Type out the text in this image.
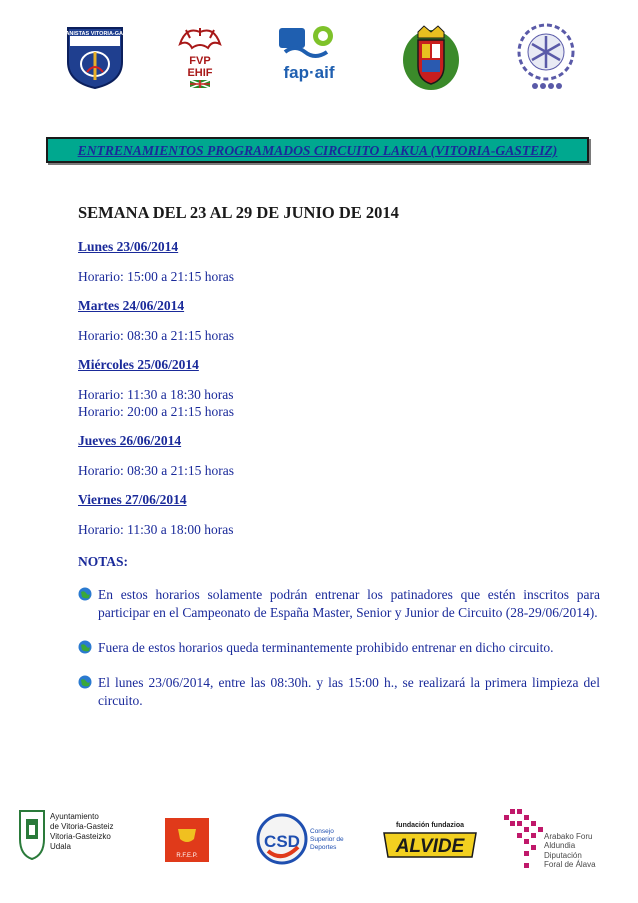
MARIANISTAS VITORIA-GASTEIZ
FVP
EHIF	fap·aif
ENTRENAMIENTOS PROGRAMADOS CIRCUITO LAKUA (VITORIA-GASTEIZ)

SEMANA DEL 23 AL 29 DE JUNIO DE 2014

Lunes 23/06/2014

Horario: 15:00 a 21:15 horas

Martes 24/06/2014

Horario: 08:30 a 21:15 horas

Miércoles 25/06/2014

Horario: 11:30 a 18:30 horas

Horario: 20:00 a 21:15 horas

Jueves 26/06/2014

Horario: 08:30 a 21:15 horas

Viernes 27/06/2014

Horario: 11:30 a 18:00 horas

NOTAS:

En estos horarios solamente podrán entrenar los patinadores que estén inscritos para participar en el Campeonato de España Master, Senior y Junior de Circuito (28-29/06/2014).
Fuera de estos horarios queda terminantemente prohibido entrenar en dicho circuito.
El lunes 23/06/2014, entre las 08:30h. y las 15:00 h., se realizará la primera limpieza del circuito.
Ayuntamiento
de Vitoria-Gasteiz
Vitoria-Gasteizko
Udala
R.F.E.P.
CSD
Consejo
Superior de
Deportes
fundación fundazioa
ALVIDE	Arabako Foru
Aldundia
Diputación
Foral de Álava
